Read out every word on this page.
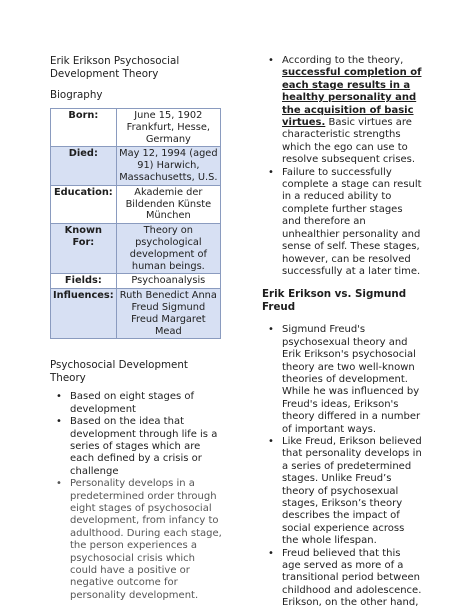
Erik Erikson Psychosocial

Development Theory

Biography

Born:	June 15, 1902 Frankfurt, Hesse, Germany
Died:	May 12, 1994 (aged 91) Harwich, Massachusetts, U.S.
Education:	Akademie der Bildenden Künste München
Known For:	Theory on psychological development of human beings.
Fields:	Psychoanalysis
Influences:	Ruth Benedict Anna Freud Sigmund Freud Margaret Mead

Psychosocial Development Theory

• Based on eight stages of development
• Based on the idea that development through life is a series of stages which are each defined by a crisis or challenge
• Personality develops in a predetermined order through eight stages of psychosocial development, from infancy to adulthood. During each stage, the person experiences a psychosocial crisis which could have a positive or negative outcome for personality development.
• According to the theory, successful completion of each stage results in a healthy personality and the acquisition of basic virtues. Basic virtues are characteristic strengths which the ego can use to resolve subsequent crises.
• Failure to successfully complete a stage can result in a reduced ability to complete further stages and therefore an unhealthier personality and sense of self. These stages, however, can be resolved successfully at a later time.

Erik Erikson vs. Sigmund Freud

• Sigmund Freud's psychosexual theory and Erik Erikson's psychosocial theory are two well-known theories of development. While he was influenced by Freud's ideas, Erikson's theory differed in a number of important ways.
• Like Freud, Erikson believed that personality develops in a series of predetermined stages. Unlike Freud’s theory of psychosexual stages, Erikson’s theory describes the impact of social experience across the whole lifespan.
• Freud believed that this age served as more of a transitional period between childhood and adolescence. Erikson, on the other hand,
